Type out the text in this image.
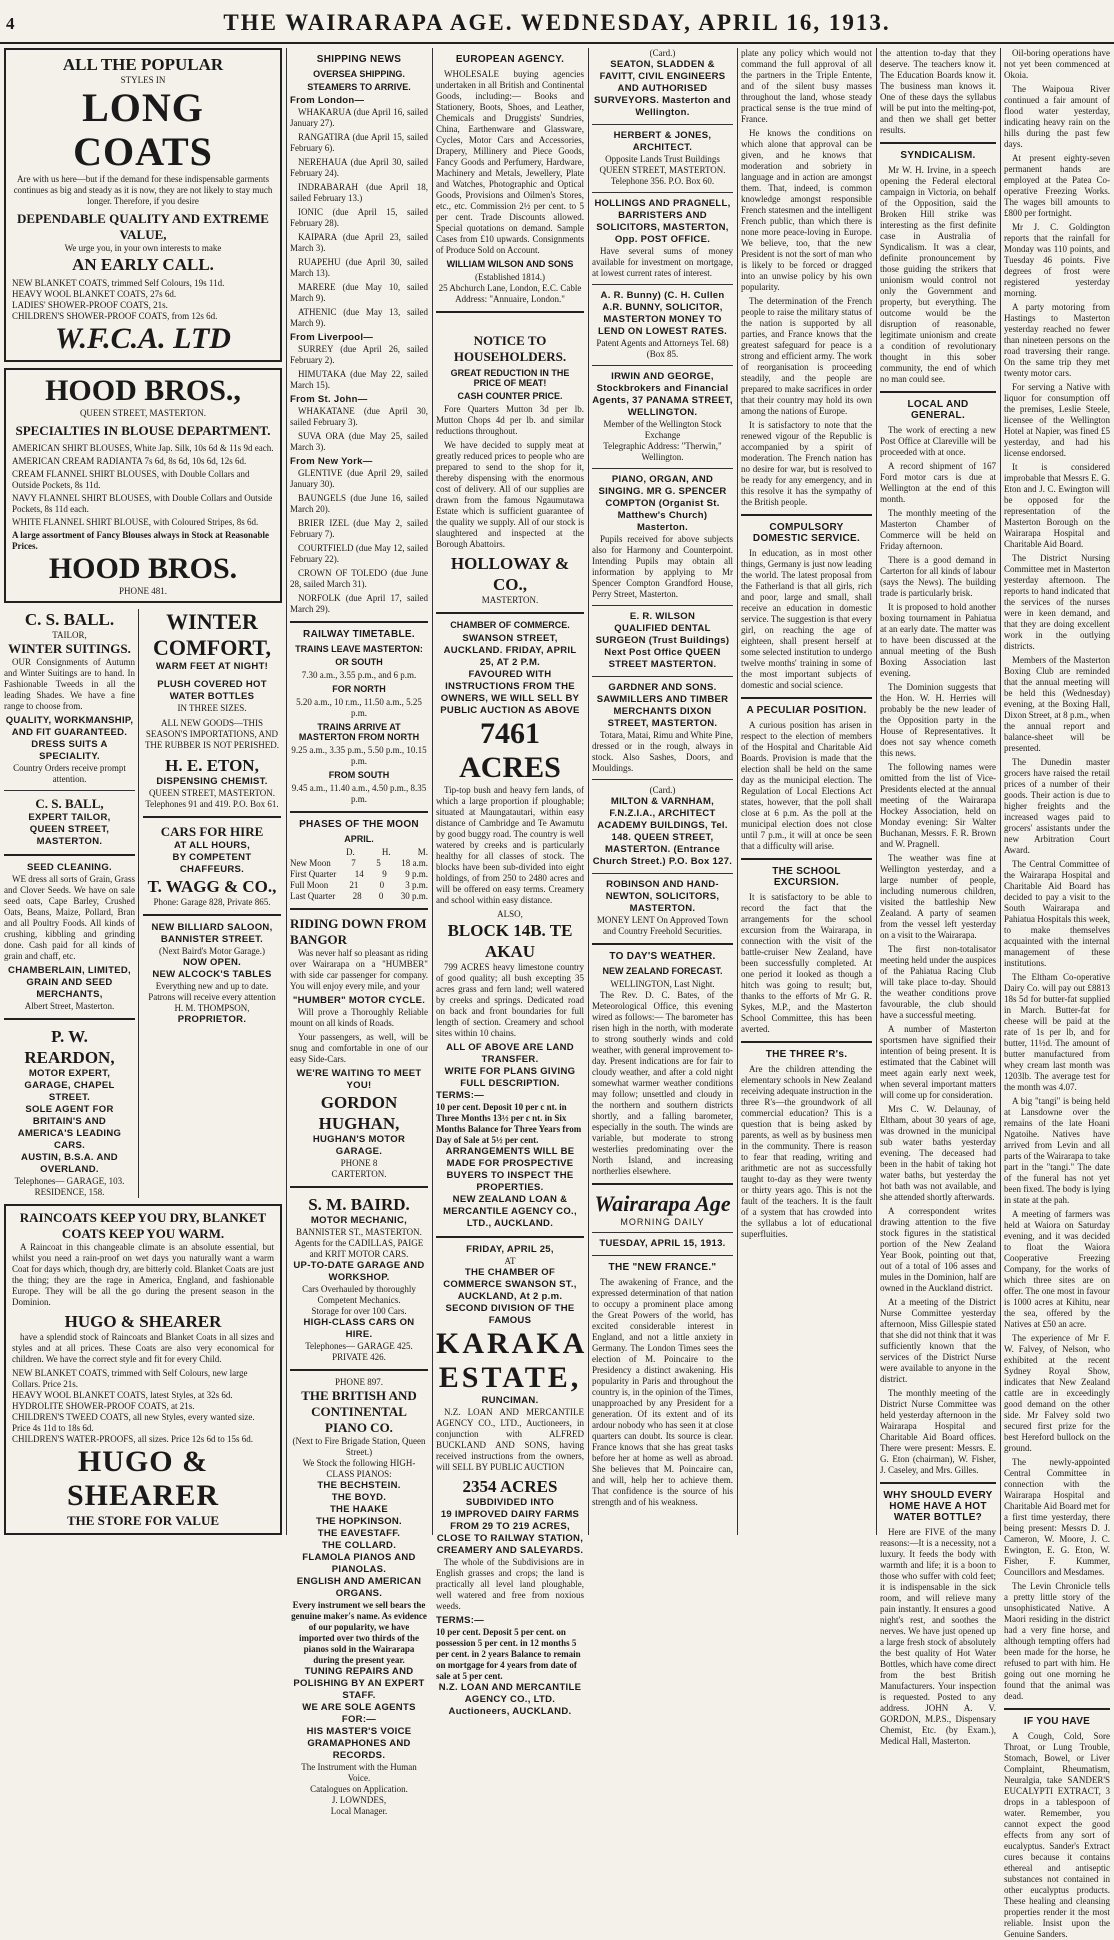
4	THE WAIRARAPA AGE. WEDNESDAY, APRIL 16, 1913.
ALL THE POPULAR
STYLES IN
LONG COATS
Are with us here—but if the demand for these indispensable garments continues as big and steady as it is now, they are not likely to stay much longer. Therefore, if you desire
DEPENDABLE QUALITY AND EXTREME VALUE,
We urge you, in your own interests to make
AN EARLY CALL.
NEW BLANKET COATS, trimmed Self Colours, 19s 11d.
HEAVY WOOL BLANKET COATS, 27s 6d.
LADIES' SHOWER-PROOF COATS, 21s.
CHILDREN'S SHOWER-PROOF COATS, from 12s 6d.
W.F.C.A. LTD
HOOD BROS.,
QUEEN STREET, MASTERTON.
SPECIALTIES IN BLOUSE DEPARTMENT.
AMERICAN SHIRT BLOUSES, White Jap. Silk, 10s 6d & 11s 9d each.
AMERICAN CREAM RADIANTA 7s 6d, 8s 6d, 10s 6d, 12s 6d.
CREAM FLANNEL SHIRT BLOUSES, with Double Collars and Outside Pockets, 8s 11d.
NAVY FLANNEL SHIRT BLOUSES, with Double Collars and Outside Pockets, 8s 11d each.
WHITE FLANNEL SHIRT BLOUSE, with Coloured Stripes, 8s 6d.
A large assortment of Fancy Blouses always in Stock at Reasonable Prices.
HOOD BROS.
PHONE 481.
C. S. BALL.
TAILOR,
WINTER SUITINGS.
OUR Consignments of Autumn and Winter Suitings are to hand. In Fashionable Tweeds in all the leading Shades. We have a fine range to choose from.
QUALITY, WORKMANSHIP, AND FIT GUARANTEED.
DRESS SUITS A SPECIALITY.
Country Orders receive prompt attention.
C. S. BALL,
EXPERT TAILOR,
QUEEN STREET, MASTERTON.
SEED CLEANING.
WE dress all sorts of Grain, Grass and Clover Seeds. We have on sale seed oats, Cape Barley, Crushed Oats, Beans, Maize, Pollard, Bran and all Poultry Foods. All kinds of crushing, kibbling and grinding done. Cash paid for all kinds of grain and chaff, etc.
CHAMBERLAIN, LIMITED,
GRAIN AND SEED MERCHANTS,
Albert Street, Masterton.
P. W. REARDON,
MOTOR EXPERT,
GARAGE, CHAPEL STREET.
SOLE AGENT FOR
BRITAIN'S AND AMERICA'S LEADING CARS.
AUSTIN, B.S.A. AND OVERLAND.
Telephones— GARAGE, 103. RESIDENCE, 158.
WINTER COMFORT,
WARM FEET AT NIGHT!
PLUSH COVERED HOT WATER BOTTLES
IN THREE SIZES.
ALL NEW GOODS—THIS SEASON'S IMPORTATIONS, AND THE RUBBER IS NOT PERISHED.
H. E. ETON,
DISPENSING CHEMIST.
QUEEN STREET, MASTERTON.
Telephones 91 and 419. P.O. Box 61.
CARS FOR HIRE
AT ALL HOURS,
BY COMPETENT CHAFFEURS.
T. WAGG & CO.,
Phone: Garage 828, Private 865.
NEW BILLIARD SALOON,
BANNISTER STREET.
(Next Baird's Motor Garage.)
NOW OPEN.
NEW ALCOCK'S TABLES
Everything new and up to date. Patrons will receive every attention
H. M. THOMPSON,
PROPRIETOR.
RAINCOATS KEEP YOU DRY, BLANKET COATS KEEP YOU WARM.
A Raincoat in this changeable climate is an absolute essential, but whilst you need a rain-proof on wet days you naturally want a warm Coat for days which, though dry, are bitterly cold. Blanket Coats are just the thing; they are the rage in America, England, and fashionable Europe. They will be all the go during the present season in the Dominion.
HUGO & SHEARER
have a splendid stock of Raincoats and Blanket Coats in all sizes and styles and at all prices. These Coats are also very economical for children. We have the correct style and fit for every Child.
NEW BLANKET COATS, trimmed with Self Colours, new large Collars. Price 21s.
HEAVY WOOL BLANKET COATS, latest Styles, at 32s 6d.
HYDROLITE SHOWER-PROOF COATS, at 21s.
CHILDREN'S TWEED COATS, all new Styles, every wanted size. Price 4s 11d to 18s 6d.
CHILDREN'S WATER-PROOFS, all sizes. Price 12s 6d to 15s 6d.
HUGO & SHEARER
THE STORE FOR VALUE
SHIPPING NEWS
OVERSEA SHIPPING.
STEAMERS TO ARRIVE.
From London—
WHAKARUA (due April 16, sailed January 27).
RANGATIRA (due April 15, sailed February 6).
NEREHAUA (due April 30, sailed February 24).
INDRABARAH (due April 18, sailed February 13.)
IONIC (due April 15, sailed February 28).
KAIPARA (due April 23, sailed March 3).
RUAPEHU (due April 30, sailed March 13).
MARERE (due May 10, sailed March 9).
ATHENIC (due May 13, sailed March 9).
From Liverpool—
SURREY (due April 26, sailed February 2).
HIMUTAKA (due May 22, sailed March 15).
From St. John—
WHAKATANE (due April 30, sailed February 3).
SUVA ORA (due May 25, sailed March 3).
From New York—
GLENTIVE (due April 29, sailed January 30).
BAUNGELS (due June 16, sailed March 20).
BRIER IZEL (due May 2, sailed February 7).
COURTFIELD (due May 12, sailed February 22).
CROWN OF TOLEDO (due June 28, sailed March 31).
NORFOLK (due April 17, sailed March 29).
RAILWAY TIMETABLE.
TRAINS LEAVE MASTERTON:
OR SOUTH
7.30 a.m., 3.55 p.m., and 6 p.m.
FOR NORTH
5.20 a.m., 10 r.m., 11.50 a.m., 5.25 p.m.
TRAINS ARRIVE AT MASTERTON FROM NORTH
9.25 a.m., 3.35 p.m., 5.50 p.m., 10.15 p.m.
FROM SOUTH
9.45 a.m., 11.40 a.m., 4.50 p.m., 8.35 p.m.
PHASES OF THE MOON
APRIL.
D.	H.	M.
New Moon 7 5 18 a.m.
First Quarter 14 9 9 p.m.
Full Moon 21 0 3 p.m.
Last Quarter 28 0 30 p.m.
RIDING DOWN FROM BANGOR
Was never half so pleasant as riding over Wairarapa on a "HUMBER" with side car passenger for company. You will enjoy every mile, and your
"HUMBER" MOTOR CYCLE.
Will prove a Thoroughly Reliable mount on all kinds of Roads.
Your passengers, as well, will be snug and comfortable in one of our easy Side-Cars.
WE'RE WAITING TO MEET YOU!
GORDON HUGHAN,
HUGHAN'S MOTOR GARAGE.
PHONE 8
CARTERTON.
S. M. BAIRD.
MOTOR MECHANIC,
BANNISTER ST., MASTERTON.
Agents for the CADILLAS, PAIGE and KRIT MOTOR CARS.
UP-TO-DATE GARAGE AND WORKSHOP.
Cars Overhauled by thoroughly Competent Mechanics.
Storage for over 100 Cars.
HIGH-CLASS CARS ON HIRE.
Telephones— GARAGE 425. PRIVATE 426.
PHONE 897.
THE BRITISH AND CONTINENTAL PIANO CO.
(Next to Fire Brigade Station, Queen Street.)
We Stock the following HIGH-CLASS PIANOS:
THE BECHSTEIN.
THE BOYD.
THE HAAKE
THE HOPKINSON.
THE EAVESTAFF.
THE COLLARD.
FLAMOLA PIANOS AND PIANOLAS.
ENGLISH AND AMERICAN ORGANS.
Every instrument we sell bears the genuine maker's name. As evidence of our popularity, we have imported over two thirds of the pianos sold in the Wairarapa during the present year.
TUNING REPAIRS AND POLISHING BY AN EXPERT STAFF.
WE ARE SOLE AGENTS FOR:—
HIS MASTER'S VOICE GRAMAPHONES AND RECORDS.
The Instrument with the Human Voice.
Catalogues on Application.
J. LOWNDES,
Local Manager.
EUROPEAN AGENCY.
WHOLESALE buying agencies undertaken in all British and Continental Goods, including:— Books and Stationery, Boots, Shoes, and Leather, Chemicals and Druggists' Sundries, China, Earthenware and Glassware, Cycles, Motor Cars and Accessories, Drapery, Millinery and Piece Goods, Fancy Goods and Perfumery, Hardware, Machinery and Metals, Jewellery, Plate and Watches, Photographic and Optical Goods, Provisions and Oilmen's Stores, etc., etc. Commission 2½ per cent. to 5 per cent. Trade Discounts allowed. Special quotations on demand. Sample Cases from £10 upwards. Consignments of Produce Sold on Account.
WILLIAM WILSON AND SONS
(Established 1814.)
25 Abchurch Lane, London, E.C. Cable Address: "Annuaire, London."
NOTICE TO HOUSEHOLDERS.
GREAT REDUCTION IN THE PRICE OF MEAT!
CASH COUNTER PRICE.
Fore Quarters Mutton 3d per lb. Mutton Chops 4d per lb. and similar reductions throughout.
We have decided to supply meat at greatly reduced prices to people who are prepared to send to the shop for it, thereby dispensing with the enormous cost of delivery. All of our supplies are drawn from the famous Ngaumutawa Estate which is sufficient guarantee of the quality we supply. All of our stock is slaughtered and inspected at the Borough Abattoirs.
HOLLOWAY & CO.,
MASTERTON.
CHAMBER OF COMMERCE.
SWANSON STREET, AUCKLAND. FRIDAY, APRIL 25, AT 2 P.M.
FAVOURED WITH INSTRUCTIONS FROM THE OWNERS, WE WILL SELL BY PUBLIC AUCTION AS ABOVE
7461 ACRES
Tip-top bush and heavy fern lands, of which a large proportion if ploughable; situated at Maungatautari, within easy distance of Cambridge and Te Awamutu by good buggy road. The country is well watered by creeks and is particularly healthy for all classes of stock. The blocks have been sub-divided into eight holdings, of from 250 to 2480 acres and will be offered on easy terms. Creamery and school within easy distance.
ALSO,
BLOCK 14B. TE AKAU
799 ACRES heavy limestone country of good quality; all bush excepting 35 acres grass and fern land; well watered by creeks and springs. Dedicated road on back and front boundaries for full length of section. Creamery and school sites within 10 chains.
ALL OF ABOVE ARE LAND TRANSFER.
WRITE FOR PLANS GIVING FULL DESCRIPTION.
TERMS:—
10 per cent. Deposit 10 per c nt. in Three Months 13½ per c nt. in Six Months Balance for Three Years from Day of Sale at 5½ per cent.
ARRANGEMENTS WILL BE MADE FOR PROSPECTIVE BUYERS TO INSPECT THE PROPERTIES.
NEW ZEALAND LOAN & MERCANTILE AGENCY CO., LTD., AUCKLAND.
FRIDAY, APRIL 25,
AT
THE CHAMBER OF COMMERCE SWANSON ST., AUCKLAND, At 2 p.m.
SECOND DIVISION OF THE FAMOUS
KARAKA ESTATE,
RUNCIMAN.
N.Z. LOAN AND MERCANTILE AGENCY CO., LTD., Auctioneers, in conjunction with ALFRED BUCKLAND AND SONS, having received instructions from the owners, will SELL BY PUBLIC AUCTION
2354 ACRES
SUBDIVIDED INTO
19 IMPROVED DAIRY FARMS FROM 29 TO 219 ACRES,
CLOSE TO RAILWAY STATION, CREAMERY AND SALEYARDS.
The whole of the Subdivisions are in English grasses and crops; the land is practically all level land ploughable, well watered and free from noxious weeds.
TERMS:—
10 per cent. Deposit 5 per cent. on possession 5 per cent. in 12 months 5 per cent. in 2 years Balance to remain on mortgage for 4 years from date of sale at 5 per cent.
N.Z. LOAN AND MERCANTILE AGENCY CO., LTD. Auctioneers, AUCKLAND.
(Card.)
SEATON, SLADDEN & FAVITT, CIVIL ENGINEERS AND AUTHORISED SURVEYORS. Masterton and Wellington.
HERBERT & JONES, ARCHITECT.
Opposite Lands Trust Buildings QUEEN STREET, MASTERTON. Telephone 356. P.O. Box 60.
HOLLINGS AND PRAGNELL, BARRISTERS AND SOLICITORS, MASTERTON, Opp. POST OFFICE.
Have several sums of money available for investment on mortgage, at lowest current rates of interest.
A. R. Bunny) (C. H. Cullen A.R. BUNNY, SOLICITOR, MASTERTON MONEY TO LEND ON LOWEST RATES.
Patent Agents and Attorneys Tel. 68) (Box 85.
IRWIN AND GEORGE, Stockbrokers and Financial Agents, 37 PANAMA STREET, WELLINGTON.
Member of the Wellington Stock Exchange
Telegraphic Address: "Therwin," Wellington.
PIANO, ORGAN, AND SINGING. MR G. SPENCER COMPTON (Organist St. Matthew's Church) Masterton.
Pupils received for above subjects also for Harmony and Counterpoint. Intending Pupils may obtain all information by applying to Mr Spencer Compton Grandford House, Perry Street, Masterton.
E. R. WILSON
QUALIFIED DENTAL SURGEON (Trust Buildings) Next Post Office QUEEN STREET MASTERTON.
GARDNER AND SONS. SAWMILLERS AND TIMBER MERCHANTS DIXON STREET, MASTERTON.
Totara, Matai, Rimu and White Pine, dressed or in the rough, always in stock. Also Sashes, Doors, and Mouldings.
(Card.)
MILTON & VARNHAM, F.N.Z.I.A., ARCHITECT ACADEMY BUILDINGS, Tel. 148. QUEEN STREET, MASTERTON. (Entrance Church Street.) P.O. Box 127.
ROBINSON AND HAND-NEWTON, SOLICITORS, MASTERTON.
MONEY LENT On Approved Town and Country Freehold Securities.
TO DAY'S WEATHER.
NEW ZEALAND FORECAST.
WELLINGTON, Last Night.
The Rev. D. C. Bates, of the Meteorological Office, this evening wired as follows:— The barometer has risen high in the north, with moderate to strong southerly winds and cold weather, with general improvement to-day. Present indications are for fair to cloudy weather, and after a cold night somewhat warmer weather conditions may follow; unsettled and cloudy in the northern and southern districts shortly, and a falling barometer, especially in the south. The winds are variable, but moderate to strong westerlies predominating over the North Island, and increasing northerlies elsewhere.
Wairarapa Age
MORNING DAILY
TUESDAY, APRIL 15, 1913.
THE "NEW FRANCE."
The awakening of France, and the expressed determination of that nation to occupy a prominent place among the Great Powers of the world, has excited considerable interest in England, and not a little anxiety in Germany. The London Times sees the election of M. Poincaire to the Presidency a distinct awakening. His popularity in Paris and throughout the country is, in the opinion of the Times, unapproached by any President for a generation. Of its extent and of its ardour nobody who has seen it at close quarters can doubt. Its source is clear. France knows that she has great tasks before her at home as well as abroad. She believes that M. Poincaire can, and will, help her to achieve them. That confidence is the source of his strength and of his weakness.
plate any policy which would not command the full approval of all the partners in the Triple Entente, and of the silent busy masses throughout the land, whose steady practical sense is the true mind of France.
He knows the conditions on which alone that approval can be given, and he knows that moderation and sobriety in language and in action are amongst them. That, indeed, is common knowledge amongst responsible French statesmen and the intelligent French public, than which there is none more peace-loving in Europe. We believe, too, that the new President is not the sort of man who is likely to be forced or dragged into an unwise policy by his own popularity.
The determination of the French people to raise the military status of the nation is supported by all parties, and France knows that the greatest safeguard for peace is a strong and efficient army. The work of reorganisation is proceeding steadily, and the people are prepared to make sacrifices in order that their country may hold its own among the nations of Europe.
It is satisfactory to note that the renewed vigour of the Republic is accompanied by a spirit of moderation. The French nation has no desire for war, but is resolved to be ready for any emergency, and in this resolve it has the sympathy of the British people.
COMPULSORY DOMESTIC SERVICE.
In education, as in most other things, Germany is just now leading the world. The latest proposal from the Fatherland is that all girls, rich and poor, large and small, shall receive an education in domestic service. The suggestion is that every girl, on reaching the age of eighteen, shall present herself at some selected institution to undergo twelve months' training in some of the most important subjects of domestic and social science.
A PECULIAR POSITION.
A curious position has arisen in respect to the election of members of the Hospital and Charitable Aid Boards. Provision is made that the election shall be held on the same day as the municipal election. The Regulation of Local Elections Act states, however, that the poll shall close at 6 p.m. As the poll at the municipal election does not close until 7 p.m., it will at once be seen that a difficulty will arise.
THE SCHOOL EXCURSION.
It is satisfactory to be able to record the fact that the arrangements for the school excursion from the Wairarapa, in connection with the visit of the battle-cruiser New Zealand, have been successfully completed. At one period it looked as though a hitch was going to result; but, thanks to the efforts of Mr G. R. Sykes, M.P., and the Masterton School Committee, this has been averted.
THE THREE R's.
Are the children attending the elementary schools in New Zealand receiving adequate instruction in the three R's—the groundwork of all commercial education? This is a question that is being asked by parents, as well as by business men in the community. There is reason to fear that reading, writing and arithmetic are not as successfully taught to-day as they were twenty or thirty years ago. This is not the fault of the teachers. It is the fault of a system that has crowded into the syllabus a lot of educational superfluities.
the attention to-day that they deserve. The teachers know it. The Education Boards know it. The business man knows it. One of these days the syllabus will be put into the melting-pot, and then we shall get better results.
SYNDICALISM.
Mr W. H. Irvine, in a speech opening the Federal electoral campaign in Victoria, on behalf of the Opposition, said the Broken Hill strike was interesting as the first definite case in Australia of Syndicalism. It was a clear, definite pronouncement by those guiding the strikers that unionism would control not only the Government and property, but everything. The outcome would be the disruption of reasonable, legitimate unionism and create a condition of revolutionary thought in this sober community, the end of which no man could see.
LOCAL AND GENERAL.
The work of erecting a new Post Office at Clareville will be proceeded with at once.
A record shipment of 167 Ford motor cars is due at Wellington at the end of this month.
The monthly meeting of the Masterton Chamber of Commerce will be held on Friday afternoon.
There is a good demand in Carterton for all kinds of labour (says the News). The building trade is particularly brisk.
It is proposed to hold another boxing tournament in Pahiatua at an early date. The matter was to have been discussed at the annual meeting of the Bush Boxing Association last evening.
The Dominion suggests that the Hon. W. H. Herries will probably be the new leader of the Opposition party in the House of Representatives. It does not say whence cometh this news.
The following names were omitted from the list of Vice-Presidents elected at the annual meeting of the Wairarapa Hockey Association, held on Monday evening: Sir Walter Buchanan, Messrs. F. R. Brown and W. Pragnell.
The weather was fine at Wellington yesterday, and a large number of people, including numerous children, visited the battleship New Zealand. A party of seamen from the vessel left yesterday on a visit to the Wairarapa.
The first non-totalisator meeting held under the auspices of the Pahiatua Racing Club will take place to-day. Should the weather conditions prove favourable, the club should have a successful meeting.
A number of Masterton sportsmen have signified their intention of being present. It is estimated that the Cabinet will meet again early next week, when several important matters will come up for consideration.
Mrs C. W. Delaunay, of Eltham, about 30 years of age, was drowned in the municipal sub water baths yesterday evening. The deceased had been in the habit of taking hot water baths, but yesterday the hot bath was not available, and she attended shortly afterwards.
A correspondent writes drawing attention to the five stock figures in the statistical portion of the New Zealand Year Book, pointing out that, out of a total of 106 asses and mules in the Dominion, half are owned in the Auckland district.
At a meeting of the District Nurse Committee yesterday afternoon, Miss Gillespie stated that she did not think that it was sufficiently known that the services of the District Nurse were available to anyone in the district.
The monthly meeting of the District Nurse Committee was held yesterday afternoon in the Wairarapa Hospital and Charitable Aid Board offices. There were present: Messrs. E. G. Eton (chairman), W. Fisher, J. Caseley, and Mrs. Gilles.
WHY SHOULD EVERY HOME HAVE A HOT WATER BOTTLE?
Here are FIVE of the many reasons:—It is a necessity, not a luxury. It feeds the body with warmth and life; it is a boon to those who suffer with cold feet; it is indispensable in the sick room, and will relieve many pain instantly. It ensures a good night's rest, and soothes the nerves. We have just opened up a large fresh stock of absolutely the best quality of Hot Water Bottles, which have come direct from the best British Manufacturers. Your inspection is requested. Posted to any address. JOHN A. V. GORDON, M.P.S., Dispensary Chemist, Etc. (by Exam.), Medical Hall, Masterton.
Oil-boring operations have not yet been commenced at Okoia.
The Waipoua River continued a fair amount of flood water yesterday, indicating heavy rain on the hills during the past few days.
At present eighty-seven permanent hands are employed at the Patea Co-operative Freezing Works. The wages bill amounts to £800 per fortnight.
Mr J. C. Goldington reports that the rainfall for Monday was 110 points, and Tuesday 46 points. Five degrees of frost were registered yesterday morning.
A party motoring from Hastings to Masterton yesterday reached no fewer than nineteen persons on the road traversing their range. On the same trip they met twenty motor cars.
For serving a Native with liquor for consumption off the premises, Leslie Steele, licensee of the Wellington Hotel at Napier, was fined £5 yesterday, and had his license endorsed.
It is considered improbable that Messrs E. G. Eton and J. C. Ewington will be opposed for the representation of the Masterton Borough on the Wairarapa Hospital and Charitable Aid Board.
The District Nursing Committee met in Masterton yesterday afternoon. The reports to hand indicated that the services of the nurses were in keen demand, and that they are doing excellent work in the outlying districts.
Members of the Masterton Boxing Club are reminded that the annual meeting will be held this (Wednesday) evening, at the Boxing Hall, Dixon Street, at 8 p.m., when the annual report and balance-sheet will be presented.
The Dunedin master grocers have raised the retail prices of a number of their goods. Their action is due to higher freights and the increased wages paid to grocers' assistants under the new Arbitration Court Award.
The Central Committee of the Wairarapa Hospital and Charitable Aid Board has decided to pay a visit to the South Wairarapa and Pahiatua Hospitals this week, to make themselves acquainted with the internal management of these institutions.
The Eltham Co-operative Dairy Co. will pay out £8813 18s 5d for butter-fat supplied in March. Butter-fat for cheese will be paid at the rate of 1s per lb, and for butter, 11½d. The amount of butter manufactured from whey cream last month was 1203lb. The average test for the month was 4.07.
A big "tangi" is being held at Lansdowne over the remains of the late Hoani Ngatoihe. Natives have arrived from Levin and all parts of the Wairarapa to take part in the "tangi." The date of the funeral has not yet been fixed. The body is lying in state at the pah.
A meeting of farmers was held at Waiora on Saturday evening, and it was decided to float the Waiora Cooperative Freezing Company, for the works of which three sites are on offer. The one most in favour is 1000 acres at Kihitu, near the sea, offered by the Natives at £50 an acre.
The experience of Mr F. W. Falvey, of Nelson, who exhibited at the recent Sydney Royal Show, indicates that New Zealand cattle are in exceedingly good demand on the other side. Mr Falvey sold two secured first prize for the best Hereford bullock on the ground.
The newly-appointed Central Committee in connection with the Wairarapa Hospital and Charitable Aid Board met for a first time yesterday, there being present: Messrs D. J. Cameron, W. Moore, J. C. Ewington, E. G. Eton, W. Fisher, F. Kummer, Councillors and Mesdames.
The Levin Chronicle tells a pretty little story of the unsophisticated Native. A Maori residing in the district had a very fine horse, and although tempting offers had been made for the horse, he refused to part with him. He going out one morning he found that the animal was dead.
IF YOU HAVE
A Cough, Cold, Sore Throat, or Lung Trouble, Stomach, Bowel, or Liver Complaint, Rheumatism, Neuralgia, take SANDER'S EUCALYPTI EXTRACT, 3 drops in a tablespoon of water. Remember, you cannot expect the good effects from any sort of eucalyptus. Sander's Extract cures because it contains ethereal and antiseptic substances not contained in other eucalyptus products. These healing and cleansing properties render it the most reliable. Insist upon the Genuine Sanders.
